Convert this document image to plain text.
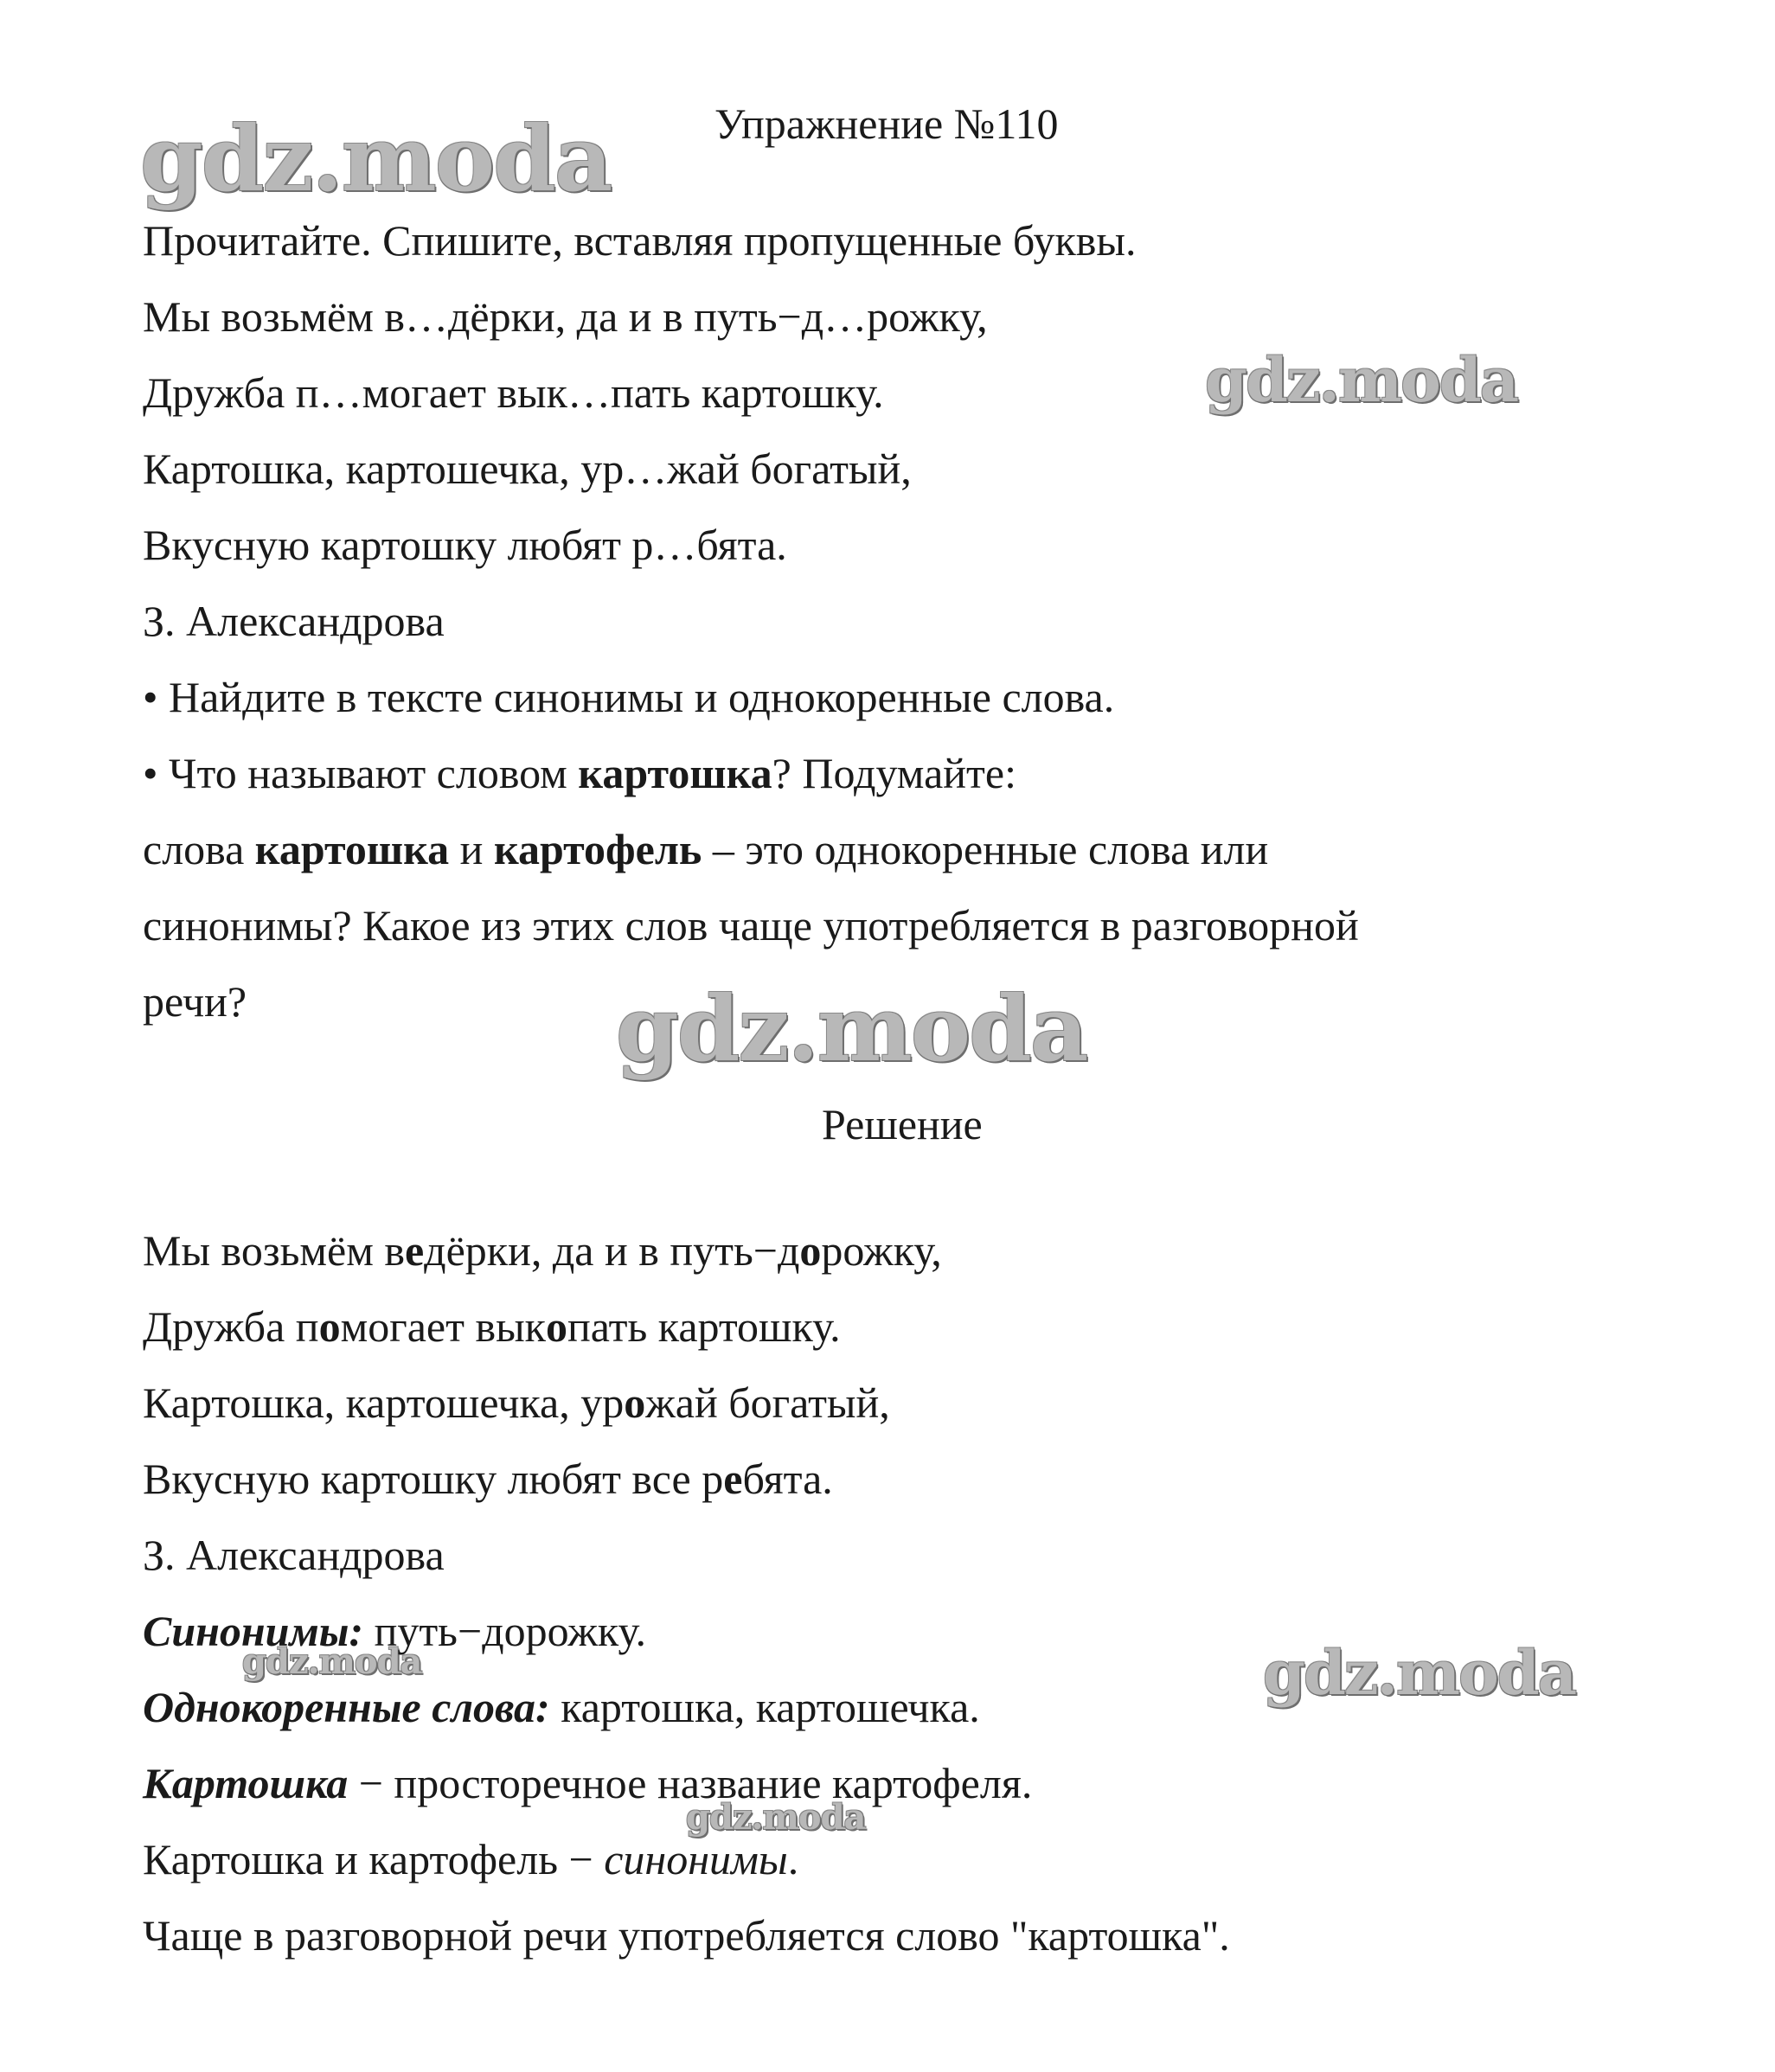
gdz.moda
gdz.moda
gdz.moda
gdz.moda
gdz.moda
gdz.moda
Упражнение №110
Прочитайте. Спишите, вставляя пропущенные буквы.
Мы возьмём в…дёрки, да и в путь−д…рожку,
Дружба п…могает вык…пать картошку.
Картошка, картошечка, ур…жай богатый,
Вкусную картошку любят р…бята.
З. Александрова
• Найдите в тексте синонимы и однокоренные слова.
• Что называют словом картошка? Подумайте:
слова картошка и картофель – это однокоренные слова или
синонимы? Какое из этих слов чаще употребляется в разговорной
речи?
Решение
Мы возьмём ведёрки, да и в путь−дорожку,
Дружба помогает выкопать картошку.
Картошка, картошечка, урожай богатый,
Вкусную картошку любят все ребята.
З. Александрова
Синонимы: путь−дорожку.
Однокоренные слова: картошка, картошечка.
Картошка − просторечное название картофеля.
Картошка и картофель − синонимы.
Чаще в разговорной речи употребляется слово "картошка".
